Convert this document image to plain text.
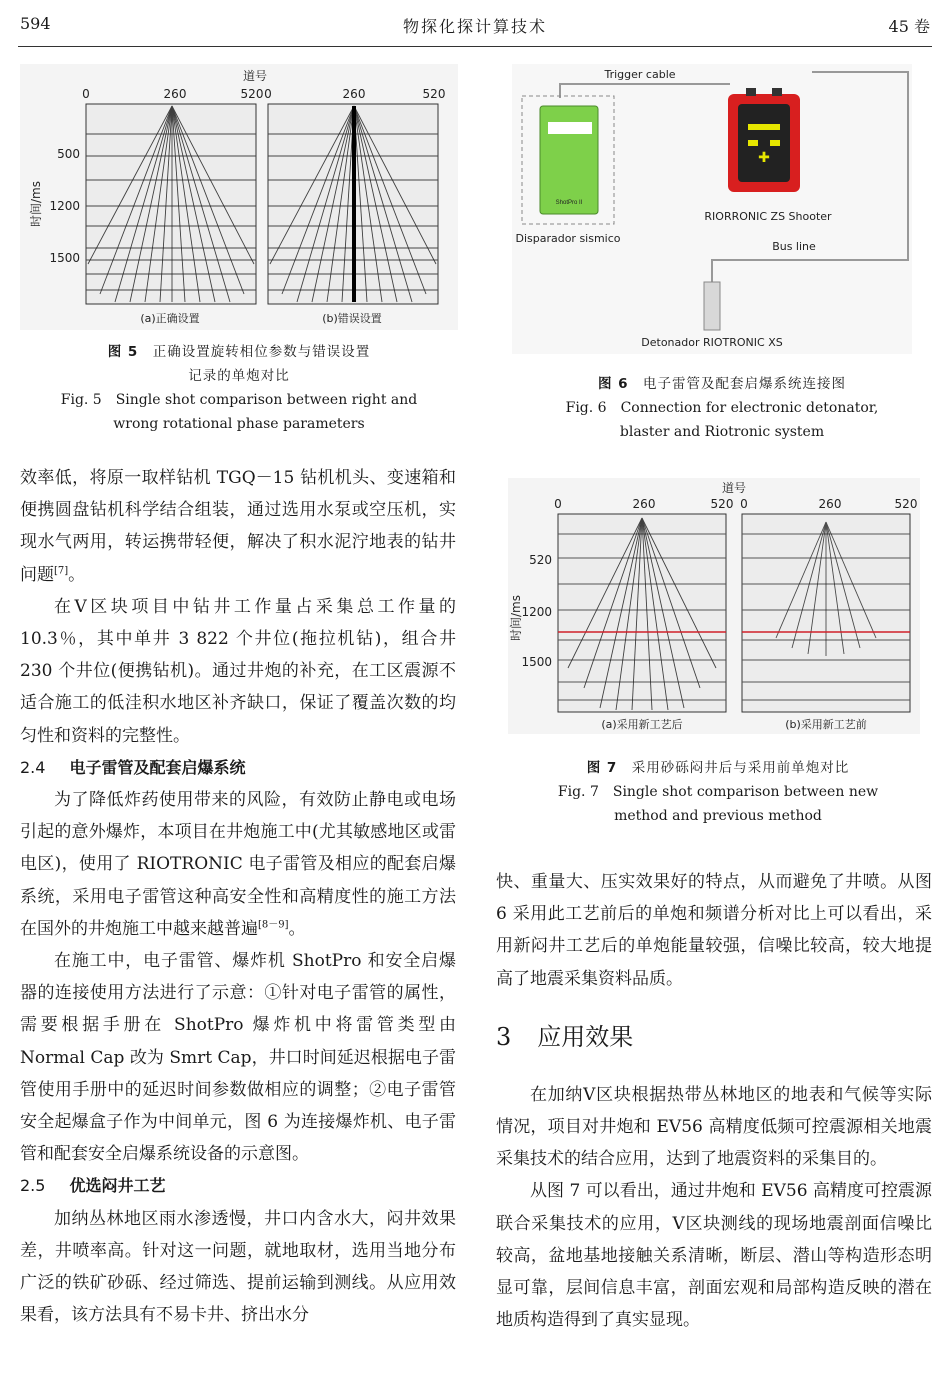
594	物探化探计算技术	45 卷
道号
0	260	520 0	260	520
时间/ms
500
1200
1500
(a)正确设置	(b)错误设置
图 5　 正确设置旋转相位参数与错误设置
记录的单炮对比
Fig. 5　Single shot comparison between right and
wrong rotational phase parameters
Trigger cable
ShotPro II
Disparador sismico
✚
RIORRONIC ZS Shooter
Bus line
Detonador RIOTRONIC XS
图 6　 电子雷管及配套启爆系统连接图
Fig. 6　Connection for electronic detonator,
blaster and Riotronic system
道号
0	260	520 0	260	520
时间/ms
520
1200
1500
(a)采用新工艺后	(b)采用新工艺前
图 7　 采用砂砾闷井后与采用前单炮对比
Fig. 7　Single shot comparison between new
method and previous method

效率低，将原一取样钻机 TGQ－15 钻机机头、变速箱和便携圆盘钻机科学结合组装，通过选用水泵或空压机，实现水气两用，转运携带轻便，解决了积水泥泞地表的钻井问题[7]。

在Ⅴ区块项目中钻井工作量占采集总工作量的 10.3％，其中单井 3 822 个井位(拖拉机钻)，组合井 230 个井位(便携钻机)。通过井炮的补充，在工区震源不适合施工的低洼积水地区补齐缺口，保证了覆盖次数的均匀性和资料的完整性。

2.4 电子雷管及配套启爆系统

为了降低炸药使用带来的风险，有效防止静电或电场引起的意外爆炸，本项目在井炮施工中(尤其敏感地区或雷电区)，使用了 RIOTRONIC 电子雷管及相应的配套启爆系统，采用电子雷管这种高安全性和高精度性的施工方法在国外的井炮施工中越来越普遍[8－9]。

在施工中，电子雷管、爆炸机 ShotPro 和安全启爆器的连接使用方法进行了示意：①针对电子雷管的属性，需要根据手册在 ShotPro 爆炸机中将雷管类型由 Normal Cap 改为 Smrt Cap，井口时间延迟根据电子雷管使用手册中的延迟时间参数做相应的调整；②电子雷管安全起爆盒子作为中间单元，图 6 为连接爆炸机、电子雷管和配套安全启爆系统设备的示意图。

2.5 优选闷井工艺

加纳丛林地区雨水渗透慢，井口内含水大，闷井效果差，井喷率高。针对这一问题，就地取材，选用当地分布广泛的铁矿砂砾、经过筛选、提前运输到测线。从应用效果看，该方法具有不易卡井、挤出水分

快、重量大、压实效果好的特点，从而避免了井喷。从图 6 采用此工艺前后的单炮和频谱分析对比上可以看出，采用新闷井工艺后的单炮能量较强，信噪比较高，较大地提高了地震采集资料品质。

3 应用效果

在加纳Ⅴ区块根据热带丛林地区的地表和气候等实际情况，项目对井炮和 EV56 高精度低频可控震源相关地震采集技术的结合应用，达到了地震资料的采集目的。

从图 7 可以看出，通过井炮和 EV56 高精度可控震源联合采集技术的应用，Ⅴ区块测线的现场地震剖面信噪比较高，盆地基地接触关系清晰，断层、潜山等构造形态明显可靠，层间信息丰富，剖面宏观和局部构造反映的潜在地质构造得到了真实显现。
